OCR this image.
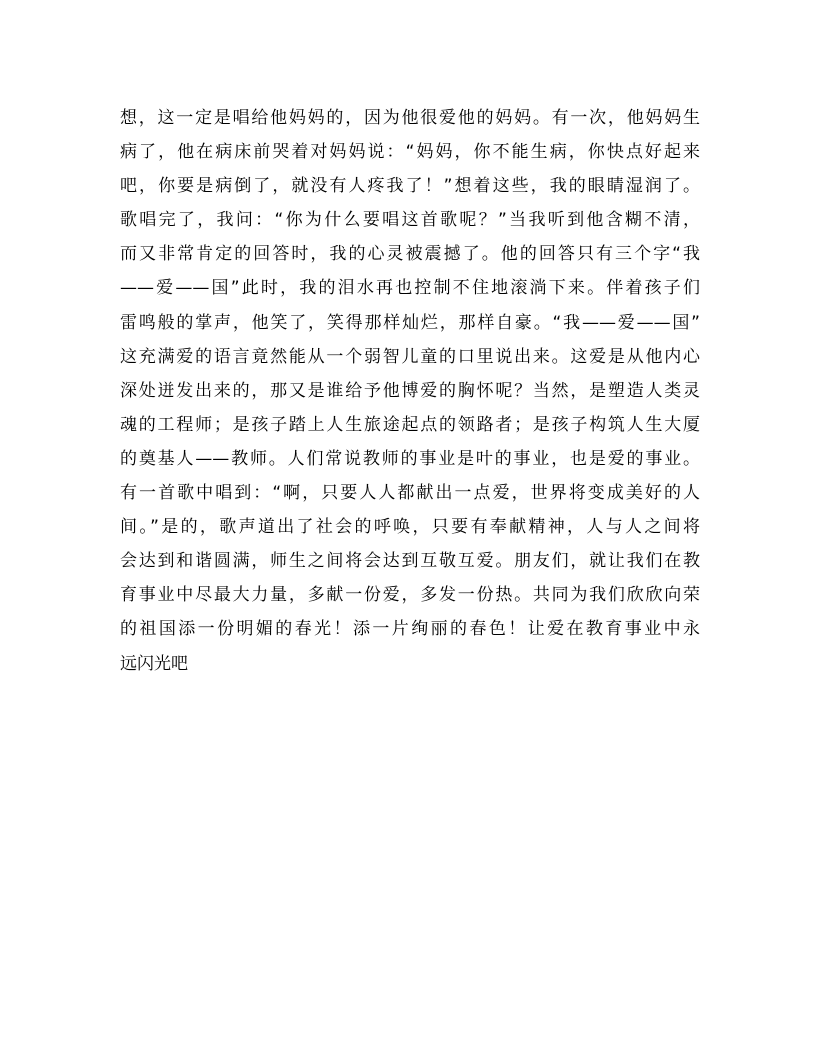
想，这一定是唱给他妈妈的，因为他很爱他的妈妈。有一次，他妈妈生
病了，他在病床前哭着对妈妈说：“妈妈，你不能生病，你快点好起来
吧，你要是病倒了，就没有人疼我了！”想着这些，我的眼睛湿润了。
歌唱完了，我问：“你为什么要唱这首歌呢？”当我听到他含糊不清，
而又非常肯定的回答时，我的心灵被震撼了。他的回答只有三个字“我
——爱——国”此时，我的泪水再也控制不住地滚淌下来。伴着孩子们
雷鸣般的掌声，他笑了，笑得那样灿烂，那样自豪。“我——爱——国”
这充满爱的语言竟然能从一个弱智儿童的口里说出来。这爱是从他内心
深处迸发出来的，那又是谁给予他博爱的胸怀呢？当然，是塑造人类灵
魂的工程师；是孩子踏上人生旅途起点的领路者；是孩子构筑人生大厦
的奠基人——教师。人们常说教师的事业是叶的事业，也是爱的事业。
有一首歌中唱到：“啊，只要人人都献出一点爱，世界将变成美好的人
间。”是的，歌声道出了社会的呼唤，只要有奉献精神，人与人之间将
会达到和谐圆满，师生之间将会达到互敬互爱。朋友们，就让我们在教
育事业中尽最大力量，多献一份爱，多发一份热。共同为我们欣欣向荣
的祖国添一份明媚的春光！添一片绚丽的春色！让爱在教育事业中永
远闪光吧
